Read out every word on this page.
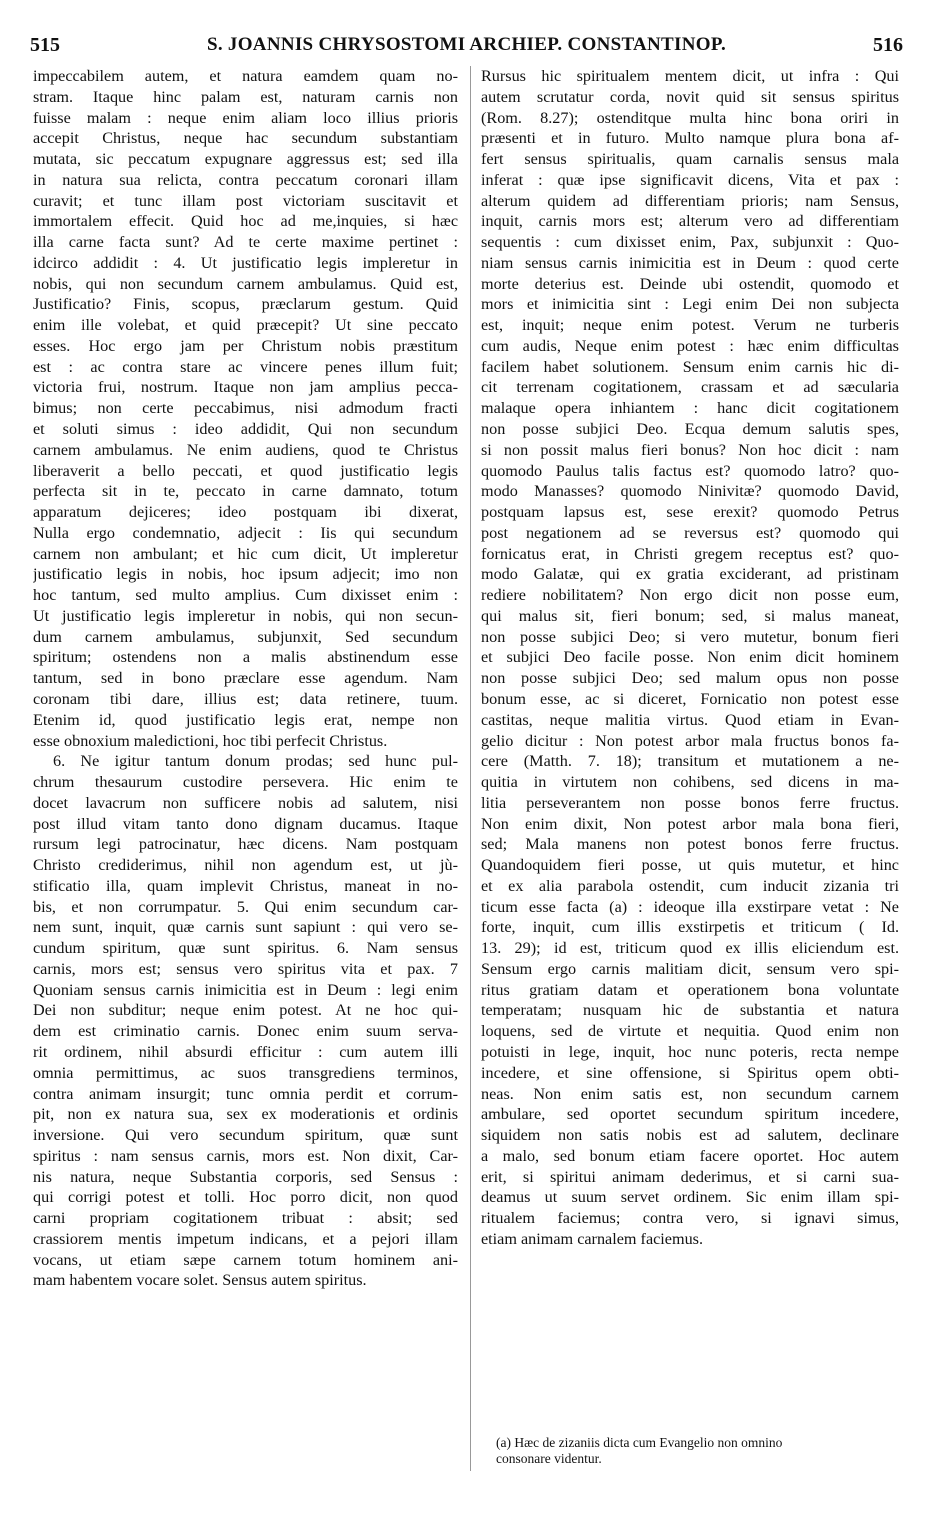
515	S. JOANNIS CHRYSOSTOMI ARCHIEP. CONSTANTINOP.	516
impeccabilem autem, et natura eamdem quam no-
stram. Itaque hinc palam est, naturam carnis non
fuisse malam : neque enim aliam loco illius prioris
accepit Christus, neque hac secundum substantiam
mutata, sic peccatum expugnare aggressus est; sed illa
in natura sua relicta, contra peccatum coronari illam
curavit; et tunc illam post victoriam suscitavit et
immortalem effecit. Quid hoc ad me,inquies, si hæc
illa carne facta sunt? Ad te certe maxime pertinet :
idcirco addidit : 4. Ut justificatio legis impleretur in
nobis, qui non secundum carnem ambulamus. Quid est,
Justificatio? Finis, scopus, præclarum gestum. Quid
enim ille volebat, et quid præcepit? Ut sine peccato
esses. Hoc ergo jam per Christum nobis præstitum
est : ac contra stare ac vincere penes illum fuit;
victoria frui, nostrum. Itaque non jam amplius pecca-
bimus; non certe peccabimus, nisi admodum fracti
et soluti simus : ideo addidit, Qui non secundum
carnem ambulamus. Ne enim audiens, quod te Christus
liberaverit a bello peccati, et quod justificatio legis
perfecta sit in te, peccato in carne damnato, totum
apparatum dejiceres; ideo postquam ibi dixerat,
Nulla ergo condemnatio, adjecit : Iis qui secundum
carnem non ambulant; et hic cum dicit, Ut impleretur
justificatio legis in nobis, hoc ipsum adjecit; imo non
hoc tantum, sed multo amplius. Cum dixisset enim :
Ut justificatio legis impleretur in nobis, qui non secun-
dum carnem ambulamus, subjunxit, Sed secundum
spiritum; ostendens non a malis abstinendum esse
tantum, sed in bono præclare esse agendum. Nam
coronam tibi dare, illius est; data retinere, tuum.
Etenim id, quod justificatio legis erat, nempe non
esse obnoxium maledictioni, hoc tibi perfecit Christus.
6. Ne igitur tantum donum prodas; sed hunc pul-
chrum thesaurum custodire persevera. Hic enim te
docet lavacrum non sufficere nobis ad salutem, nisi
post illud vitam tanto dono dignam ducamus. Itaque
rursum legi patrocinatur, hæc dicens. Nam postquam
Christo crediderimus, nihil non agendum est, ut jù-
stificatio illa, quam implevit Christus, maneat in no-
bis, et non corrumpatur. 5. Qui enim secundum car-
nem sunt, inquit, quæ carnis sunt sapiunt : qui vero se-
cundum spiritum, quæ sunt spiritus. 6. Nam sensus
carnis, mors est; sensus vero spiritus vita et pax. 7
Quoniam sensus carnis inimicitia est in Deum : legi enim
Dei non subditur; neque enim potest. At ne hoc qui-
dem est criminatio carnis. Donec enim suum serva-
rit ordinem, nihil absurdi efficitur : cum autem illi
omnia permittimus, ac suos transgrediens terminos,
contra animam insurgit; tunc omnia perdit et corrum-
pit, non ex natura sua, sex ex moderationis et ordinis
inversione. Qui vero secundum spiritum, quæ sunt
spiritus : nam sensus carnis, mors est. Non dixit, Car-
nis natura, neque Substantia corporis, sed Sensus :
qui corrigi potest et tolli. Hoc porro dicit, non quod
carni propriam cogitationem tribuat : absit; sed
crassiorem mentis impetum indicans, et a pejori illam
vocans, ut etiam sæpe carnem totum hominem ani-
mam habentem vocare solet. Sensus autem spiritus.
Rursus hic spiritualem mentem dicit, ut infra : Qui
autem scrutatur corda, novit quid sit sensus spiritus
(Rom. 8.27); ostenditque multa hinc bona oriri in
præsenti et in futuro. Multo namque plura bona af-
fert sensus spiritualis, quam carnalis sensus mala
inferat : quæ ipse significavit dicens, Vita et pax :
alterum quidem ad differentiam prioris; nam Sensus,
inquit, carnis mors est; alterum vero ad differentiam
sequentis : cum dixisset enim, Pax, subjunxit : Quo-
niam sensus carnis inimicitia est in Deum : quod certe
morte deterius est. Deinde ubi ostendit, quomodo et
mors et inimicitia sint : Legi enim Dei non subjecta
est, inquit; neque enim potest. Verum ne turberis
cum audis, Neque enim potest : hæc enim difficultas
facilem habet solutionem. Sensum enim carnis hic di-
cit terrenam cogitationem, crassam et ad sæcularia
malaque opera inhiantem : hanc dicit cogitationem
non posse subjici Deo. Ecqua demum salutis spes,
si non possit malus fieri bonus? Non hoc dicit : nam
quomodo Paulus talis factus est? quomodo latro? quo-
modo Manasses? quomodo Ninivitæ? quomodo David,
postquam lapsus est, sese erexit? quomodo Petrus
post negationem ad se reversus est? quomodo qui
fornicatus erat, in Christi gregem receptus est? quo-
modo Galatæ, qui ex gratia exciderant, ad pristinam
rediere nobilitatem? Non ergo dicit non posse eum,
qui malus sit, fieri bonum; sed, si malus maneat,
non posse subjici Deo; si vero mutetur, bonum fieri
et subjici Deo facile posse. Non enim dicit hominem
non posse subjici Deo; sed malum opus non posse
bonum esse, ac si diceret, Fornicatio non potest esse
castitas, neque malitia virtus. Quod etiam in Evan-
gelio dicitur : Non potest arbor mala fructus bonos fa-
cere (Matth. 7. 18); transitum et mutationem a ne-
quitia in virtutem non cohibens, sed dicens in ma-
litia perseverantem non posse bonos ferre fructus.
Non enim dixit, Non potest arbor mala bona fieri,
sed; Mala manens non potest bonos ferre fructus.
Quandoquidem fieri posse, ut quis mutetur, et hinc
et ex alia parabola ostendit, cum inducit zizania tri
ticum esse facta (a) : ideoque illa exstirpare vetat : Ne
forte, inquit, cum illis exstirpetis et triticum ( Id.
13. 29); id est, triticum quod ex illis eliciendum est.
Sensum ergo carnis malitiam dicit, sensum vero spi-
ritus gratiam datam et operationem bona voluntate
temperatam; nusquam hic de substantia et natura
loquens, sed de virtute et nequitia. Quod enim non
potuisti in lege, inquit, hoc nunc poteris, recta nempe
incedere, et sine offensione, si Spiritus opem obti-
neas. Non enim satis est, non secundum carnem
ambulare, sed oportet secundum spiritum incedere,
siquidem non satis nobis est ad salutem, declinare
a malo, sed bonum etiam facere oportet. Hoc autem
erit, si spiritui animam dederimus, et si carni sua-
deamus ut suum servet ordinem. Sic enim illam spi-
ritualem faciemus; contra vero, si ignavi simus,
etiam animam carnalem faciemus.
(a) Hæc de zizaniis dicta cum Evangelio non omnino
consonare videntur.
